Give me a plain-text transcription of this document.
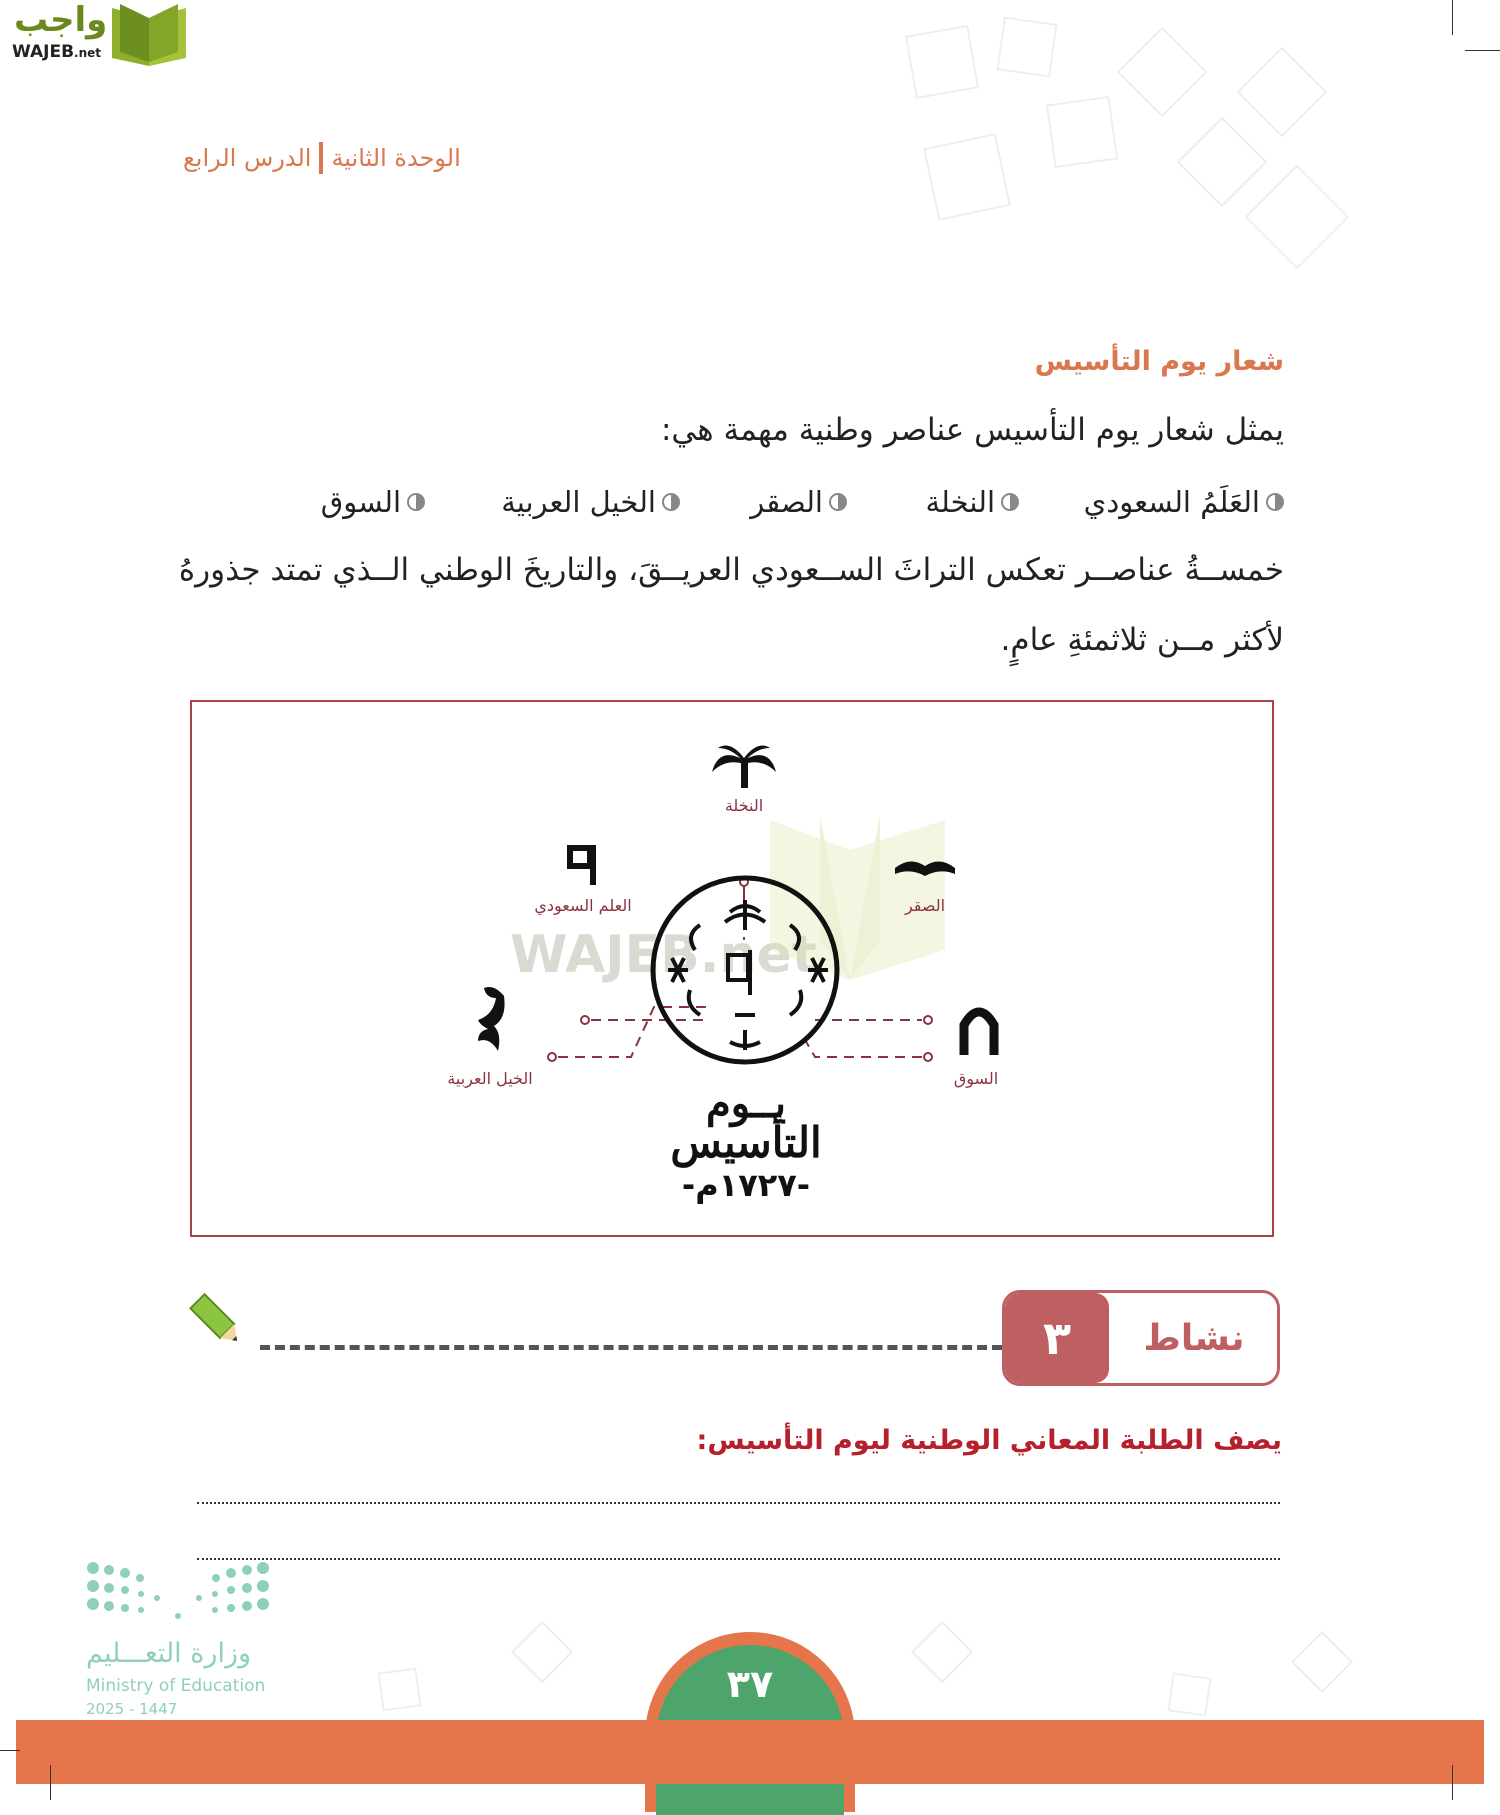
واجب
WAJEB.net
الوحدة الثانية
الدرس الرابع
شعار يوم التأسيس
يمثل شعار يوم التأسيس عناصر وطنية مهمة هي:
العَلَمُ السعودي
النخلة
الصقر
الخيل العربية
السوق
خمســةُ عناصــر تعكس التراثَ الســعودي العريــقَ، والتاريخَ الوطني الــذي تمتد جذورهُ
لأكثر مــن ثلاثمئةِ عامٍ.
WAJEB.net
النخلة
العلم السعودي	الصقر
الخيل العربية	السوق
يــوم
التأسيس
-١٧٢٧م-
٣	نشاط
يصف الطلبة المعاني الوطنية ليوم التأسيس:
وزارة التعـــليم
Ministry of Education
2025 - 1447
٣٧
